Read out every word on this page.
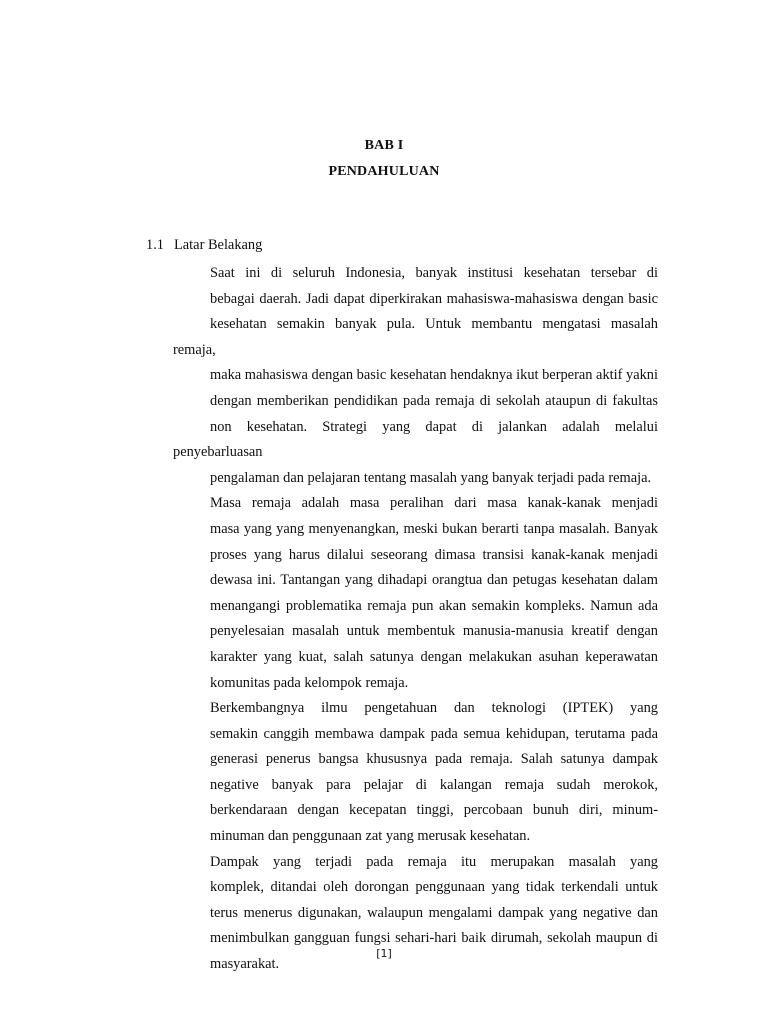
BAB I
PENDAHULUAN
1.1 Latar Belakang

Saat ini di seluruh Indonesia, banyak institusi kesehatan tersebar di
bebagai daerah. Jadi dapat diperkirakan mahasiswa-mahasiswa dengan basic
kesehatan semakin banyak pula. Untuk membantu mengatasi masalah remaja,
maka mahasiswa dengan basic kesehatan hendaknya ikut berperan aktif yakni
dengan memberikan pendidikan pada remaja di sekolah ataupun di fakultas
non kesehatan. Strategi yang dapat di jalankan adalah melalui penyebarluasan
pengalaman dan pelajaran tentang masalah yang banyak terjadi pada remaja.

Masa remaja adalah masa peralihan dari masa kanak-kanak menjadi
masa yang yang menyenangkan, meski bukan berarti tanpa masalah. Banyak
proses yang harus dilalui seseorang dimasa transisi kanak-kanak menjadi
dewasa ini. Tantangan yang dihadapi orangtua dan petugas kesehatan dalam
menangangi problematika remaja pun akan semakin kompleks. Namun ada
penyelesaian masalah untuk membentuk manusia-manusia kreatif dengan
karakter yang kuat, salah satunya dengan melakukan asuhan keperawatan
komunitas pada kelompok remaja.

Berkembangnya ilmu pengetahuan dan teknologi (IPTEK) yang
semakin canggih membawa dampak pada semua kehidupan, terutama pada
generasi penerus bangsa khususnya pada remaja. Salah satunya dampak
negative banyak para pelajar di kalangan remaja sudah merokok,
berkendaraan dengan kecepatan tinggi, percobaan bunuh diri, minum-
minuman dan penggunaan zat yang merusak kesehatan.

Dampak yang terjadi pada remaja itu merupakan masalah yang
komplek, ditandai oleh dorongan penggunaan yang tidak terkendali untuk
terus menerus digunakan, walaupun mengalami dampak yang negative dan
menimbulkan gangguan fungsi sehari-hari baik dirumah, sekolah maupun di
masyarakat.

[1]
